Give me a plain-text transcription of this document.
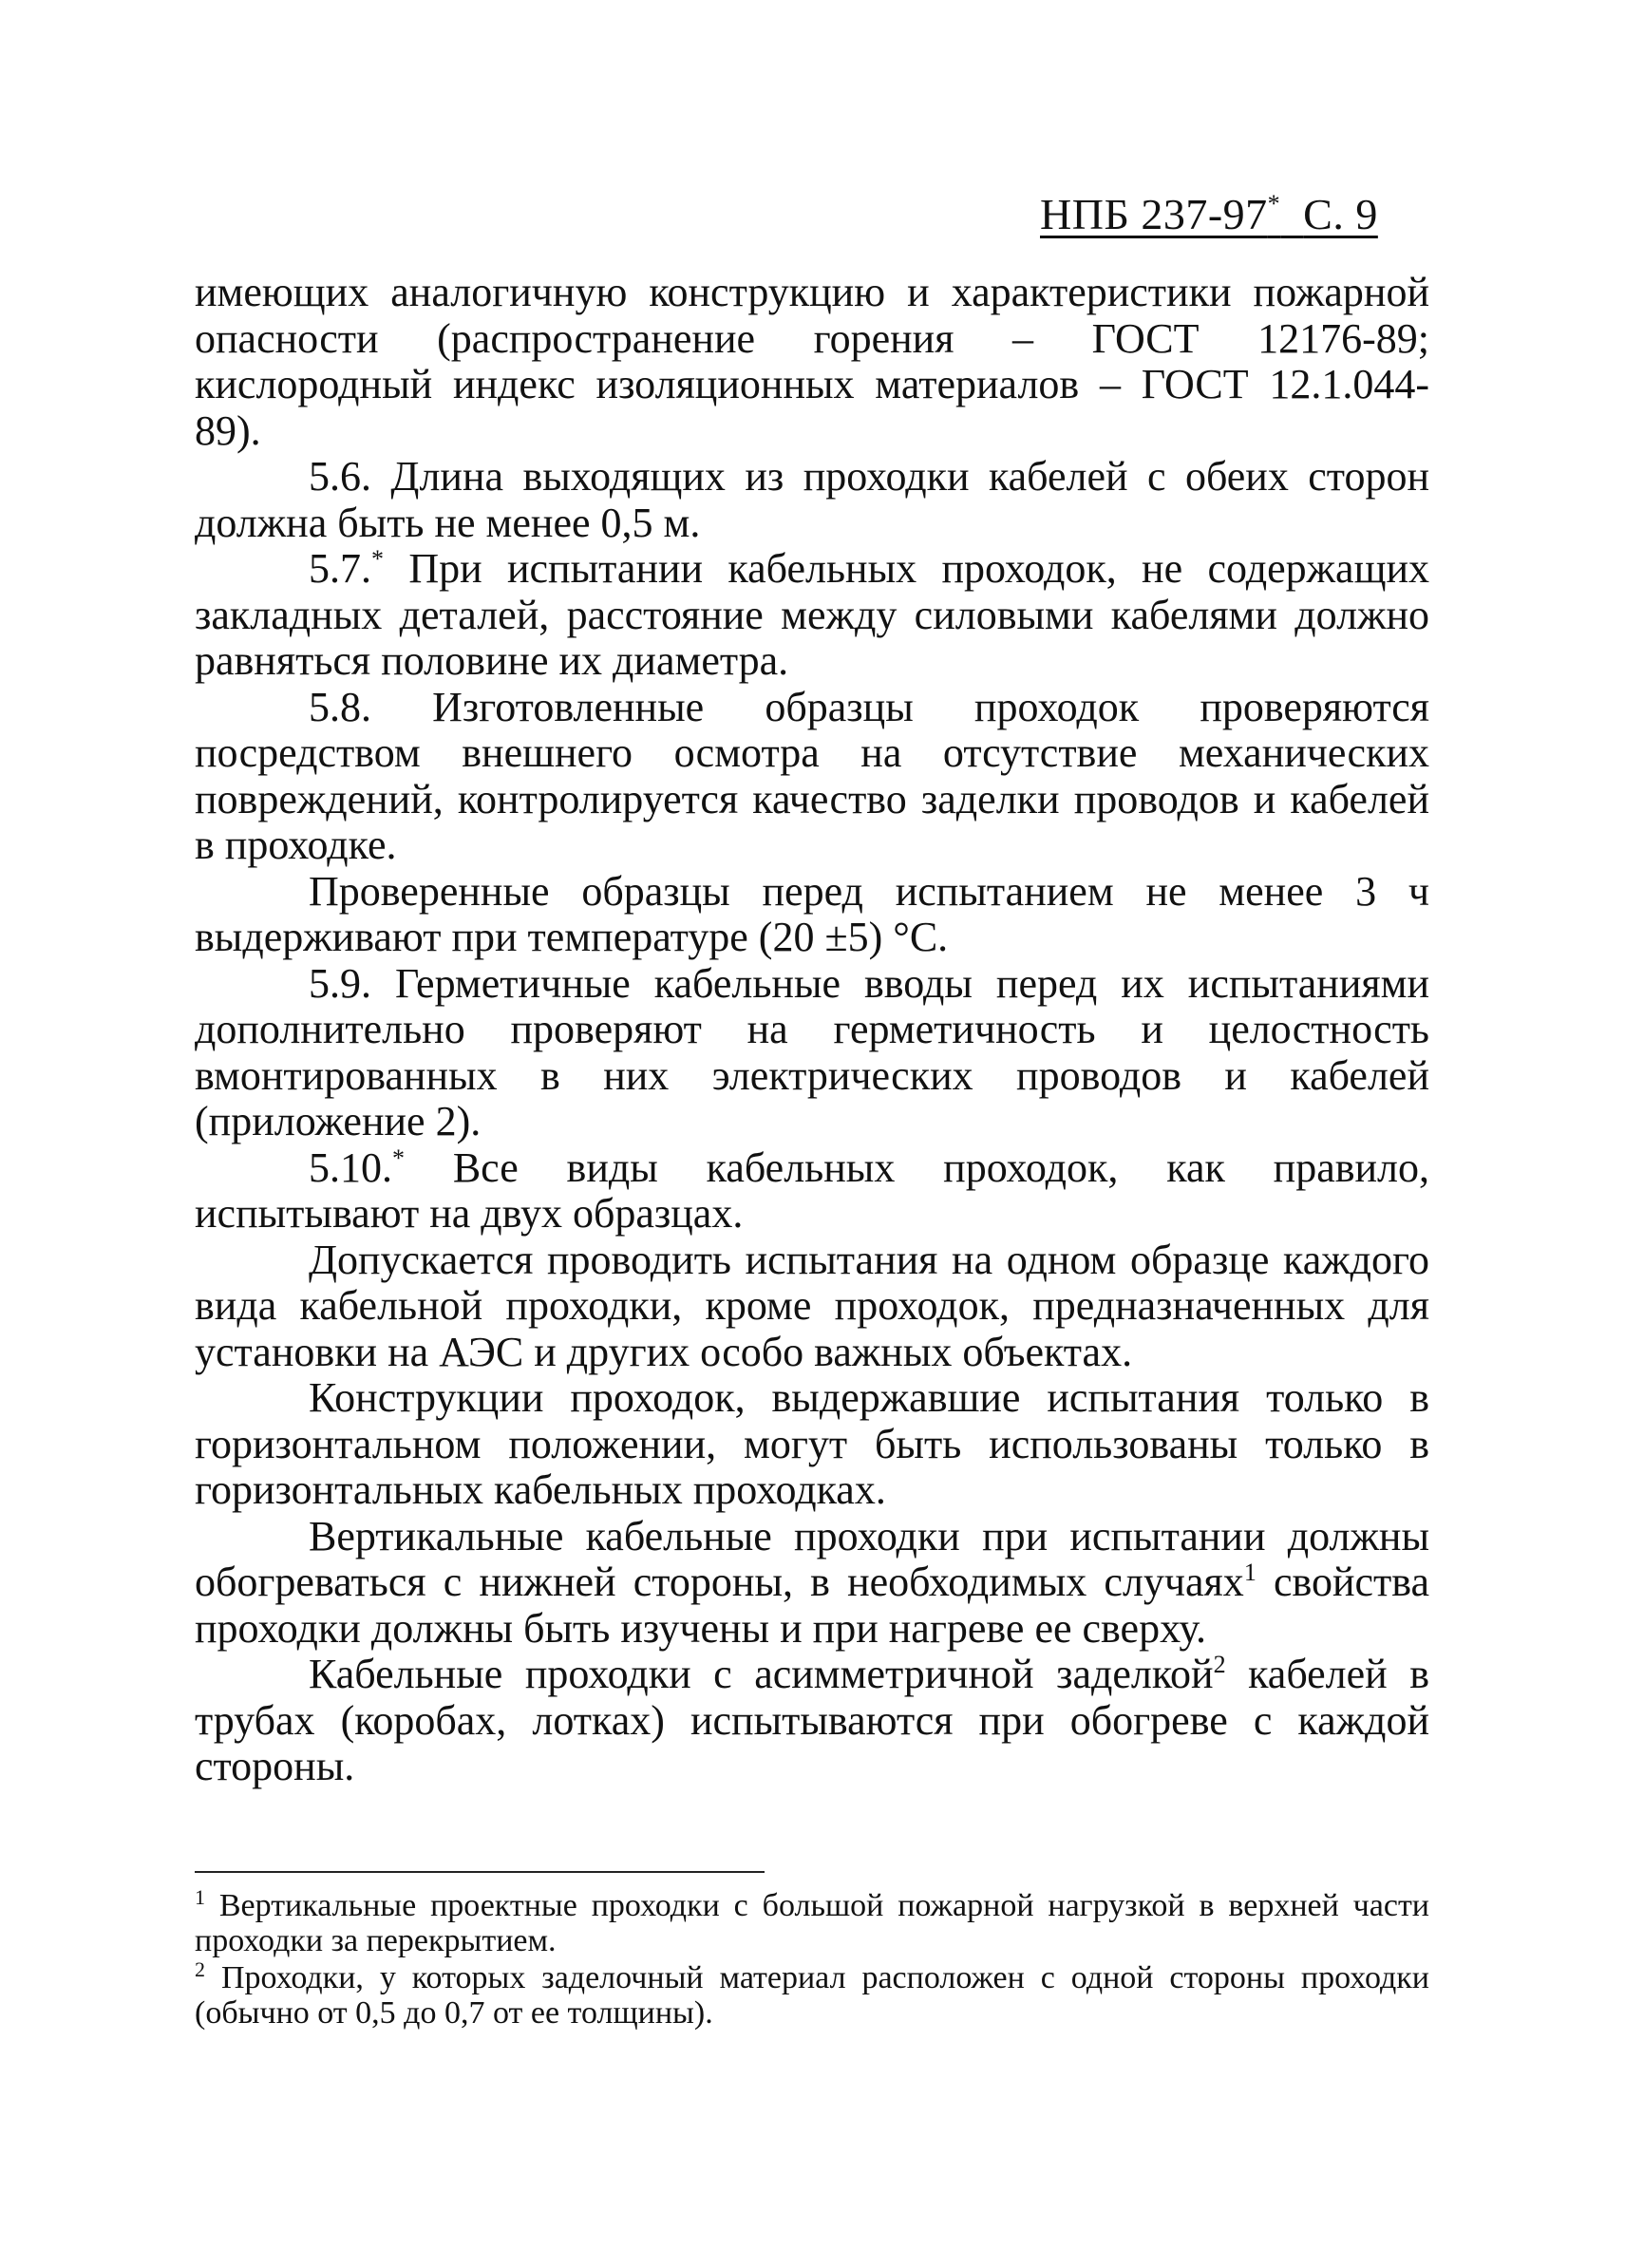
НПБ 237-97* С. 9

имеющих аналогичную конструкцию и характеристики пожарной опасности (распространение горения – ГОСТ 12176-89; кислородный индекс изоляционных материалов – ГОСТ 12.1.044-89).

5.6. Длина выходящих из проходки кабелей с обеих сторон должна быть не менее 0,5 м.

5.7.* При испытании кабельных проходок, не содержащих закладных деталей, расстояние между силовыми кабелями должно равняться половине их диаметра.

5.8. Изготовленные образцы проходок проверяются посредством внешнего осмотра на отсутствие механических повреждений, контролируется качество заделки проводов и кабелей в проходке.

Проверенные образцы перед испытанием не менее 3 ч выдерживают при температуре (20 ±5) °С.

5.9. Герметичные кабельные вводы перед их испытаниями дополнительно проверяют на герметичность и целостность вмонтированных в них электрических проводов и кабелей (приложение 2).

5.10.* Все виды кабельных проходок, как правило, испытывают на двух образцах.

Допускается проводить испытания на одном образце каждого вида кабельной проходки, кроме проходок, предназначенных для установки на АЭС и других особо важных объектах.

Конструкции проходок, выдержавшие испытания только в горизонтальном положении, могут быть использованы только в горизонтальных кабельных проходках.

Вертикальные кабельные проходки при испытании должны обогреваться с нижней стороны, в необходимых случаях$^1$ свойства проходки должны быть изучены и при нагреве ее сверху.

Кабельные проходки с асимметричной заделкой$^2$ кабелей в трубах (коробах, лотках) испытываются при обогреве с каждой стороны.

$^1$ Вертикальные проектные проходки с большой пожарной нагрузкой в верхней части проходки за перекрытием.

$^2$ Проходки, у которых заделочный материал расположен с одной стороны проходки (обычно от 0,5 до 0,7 от ее толщины).
